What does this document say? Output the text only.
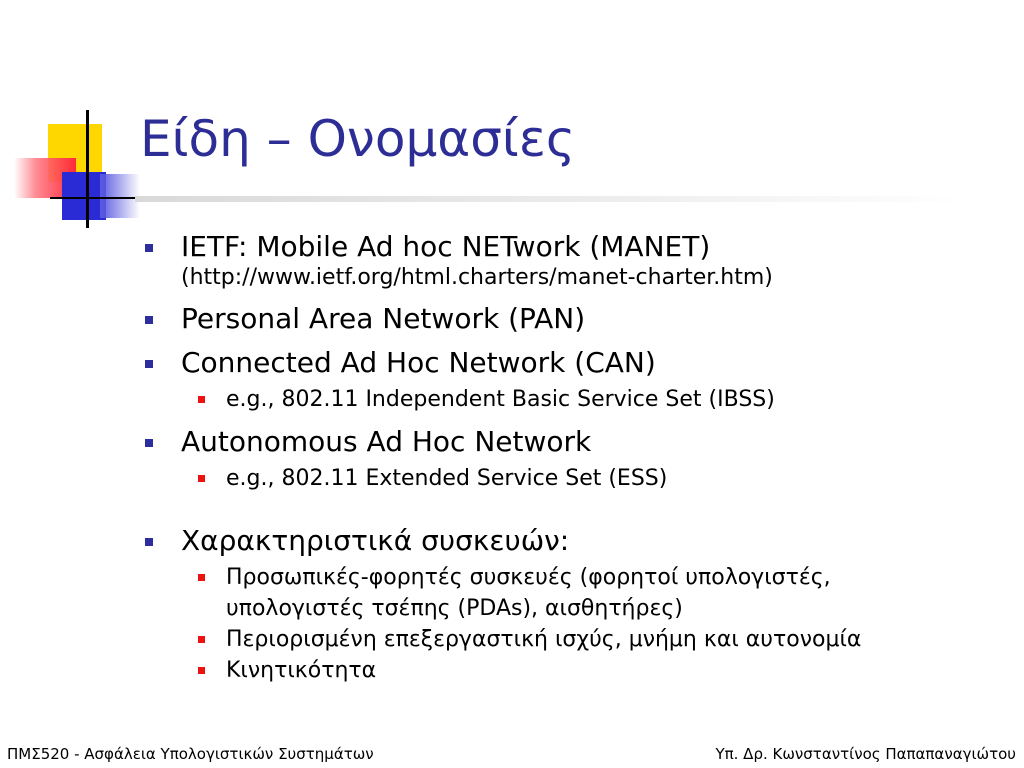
Είδη – Ονομασίες
IETF: Mobile Ad hoc NETwork (MANET)
(http://www.ietf.org/html.charters/manet-charter.htm)
Personal Area Network (PAN)
Connected Ad Hoc Network (CAN)
e.g., 802.11 Independent Basic Service Set (IBSS)
Autonomous Ad Hoc Network
e.g., 802.11 Extended Service Set (ESS)
Χαρακτηριστικά συσκευών:
Προσωπικές-φορητές συσκευές (φορητοί υπολογιστές,
υπολογιστές τσέπης (PDAs), αισθητήρες)
Περιορισμένη επεξεργαστική ισχύς, μνήμη και αυτονομία
Κινητικότητα
ΠΜΣ520 - Ασφάλεια Υπολογιστικών Συστημάτων	Υπ. Δρ. Κωνσταντίνος Παπαπαναγιώτου
